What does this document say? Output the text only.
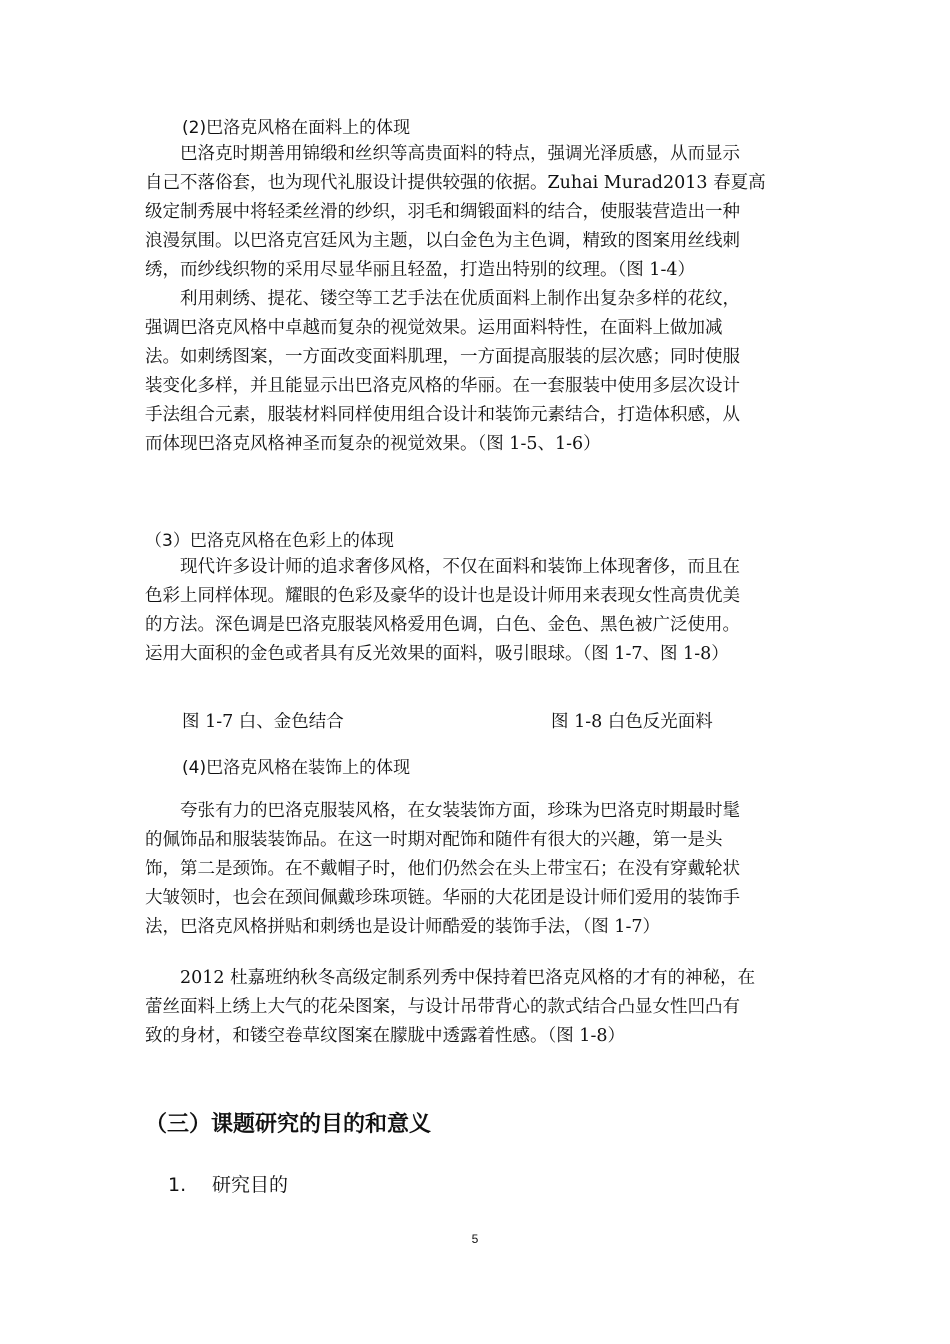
(2)巴洛克风格在面料上的体现
巴洛克时期善用锦缎和丝织等高贵面料的特点，强调光泽质感，从而显示
自己不落俗套，也为现代礼服设计提供较强的依据。Zuhai Murad2013 春夏高
级定制秀展中将轻柔丝滑的纱织，羽毛和绸锻面料的结合，使服装营造出一种
浪漫氛围。以巴洛克宫廷风为主题，以白金色为主色调，精致的图案用丝线刺
绣，而纱线织物的采用尽显华丽且轻盈，打造出特别的纹理。（图 1-4）
利用刺绣、提花、镂空等工艺手法在优质面料上制作出复杂多样的花纹，
强调巴洛克风格中卓越而复杂的视觉效果。运用面料特性，在面料上做加减
法。如刺绣图案，一方面改变面料肌理，一方面提高服装的层次感；同时使服
装变化多样，并且能显示出巴洛克风格的华丽。在一套服装中使用多层次设计
手法组合元素，服装材料同样使用组合设计和装饰元素结合，打造体积感，从
而体现巴洛克风格神圣而复杂的视觉效果。（图 1-5、1-6）
（3）巴洛克风格在色彩上的体现
现代许多设计师的追求奢侈风格，不仅在面料和装饰上体现奢侈，而且在
色彩上同样体现。耀眼的色彩及豪华的设计也是设计师用来表现女性高贵优美
的方法。深色调是巴洛克服装风格爱用色调，白色、金色、黑色被广泛使用。
运用大面积的金色或者具有反光效果的面料，吸引眼球。（图 1-7、图 1-8）
图 1-7 白、金色结合	图 1-8 白色反光面料
(4)巴洛克风格在装饰上的体现
夸张有力的巴洛克服装风格，在女装装饰方面，珍珠为巴洛克时期最时髦
的佩饰品和服装装饰品。在这一时期对配饰和随件有很大的兴趣，第一是头
饰，第二是颈饰。在不戴帽子时，他们仍然会在头上带宝石；在没有穿戴轮状
大皱领时，也会在颈间佩戴珍珠项链。华丽的大花团是设计师们爱用的装饰手
法，巴洛克风格拼贴和刺绣也是设计师酷爱的装饰手法，（图 1-7）
2012 杜嘉班纳秋冬高级定制系列秀中保持着巴洛克风格的才有的神秘，在
蕾丝面料上绣上大气的花朵图案，与设计吊带背心的款式结合凸显女性凹凸有
致的身材，和镂空卷草纹图案在朦胧中透露着性感。（图 1-8）
（三）课题研究的目的和意义
1. 研究目的
5
